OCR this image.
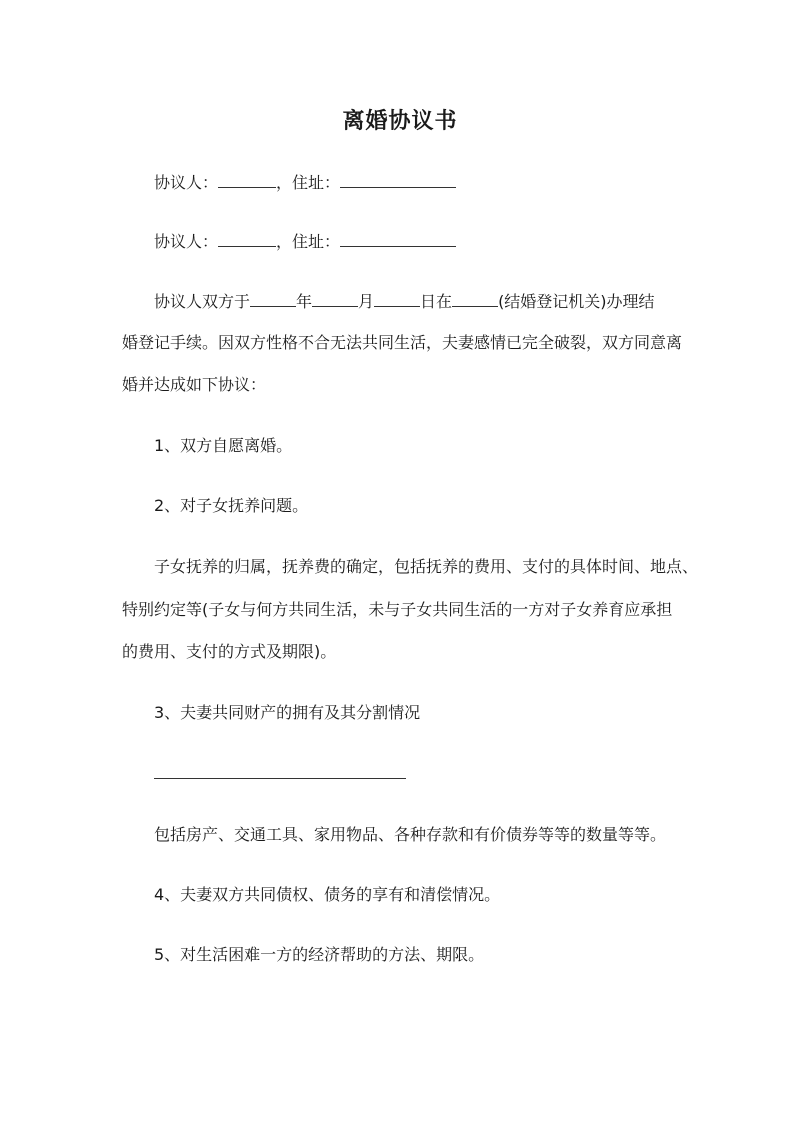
离婚协议书
协议人：	，住址：
协议人：	，住址：
协议人双方于	年	月	日在	(结婚登记机关)办理结
婚登记手续。因双方性格不合无法共同生活，夫妻感情已完全破裂，双方同意离
婚并达成如下协议：
1、双方自愿离婚。
2、对子女抚养问题。
子女抚养的归属，抚养费的确定，包括抚养的费用、支付的具体时间、地点、
特别约定等(子女与何方共同生活，未与子女共同生活的一方对子女养育应承担
的费用、支付的方式及期限)。
3、夫妻共同财产的拥有及其分割情况
包括房产、交通工具、家用物品、各种存款和有价债券等等的数量等等。
4、夫妻双方共同债权、债务的享有和清偿情况。
5、对生活困难一方的经济帮助的方法、期限。
